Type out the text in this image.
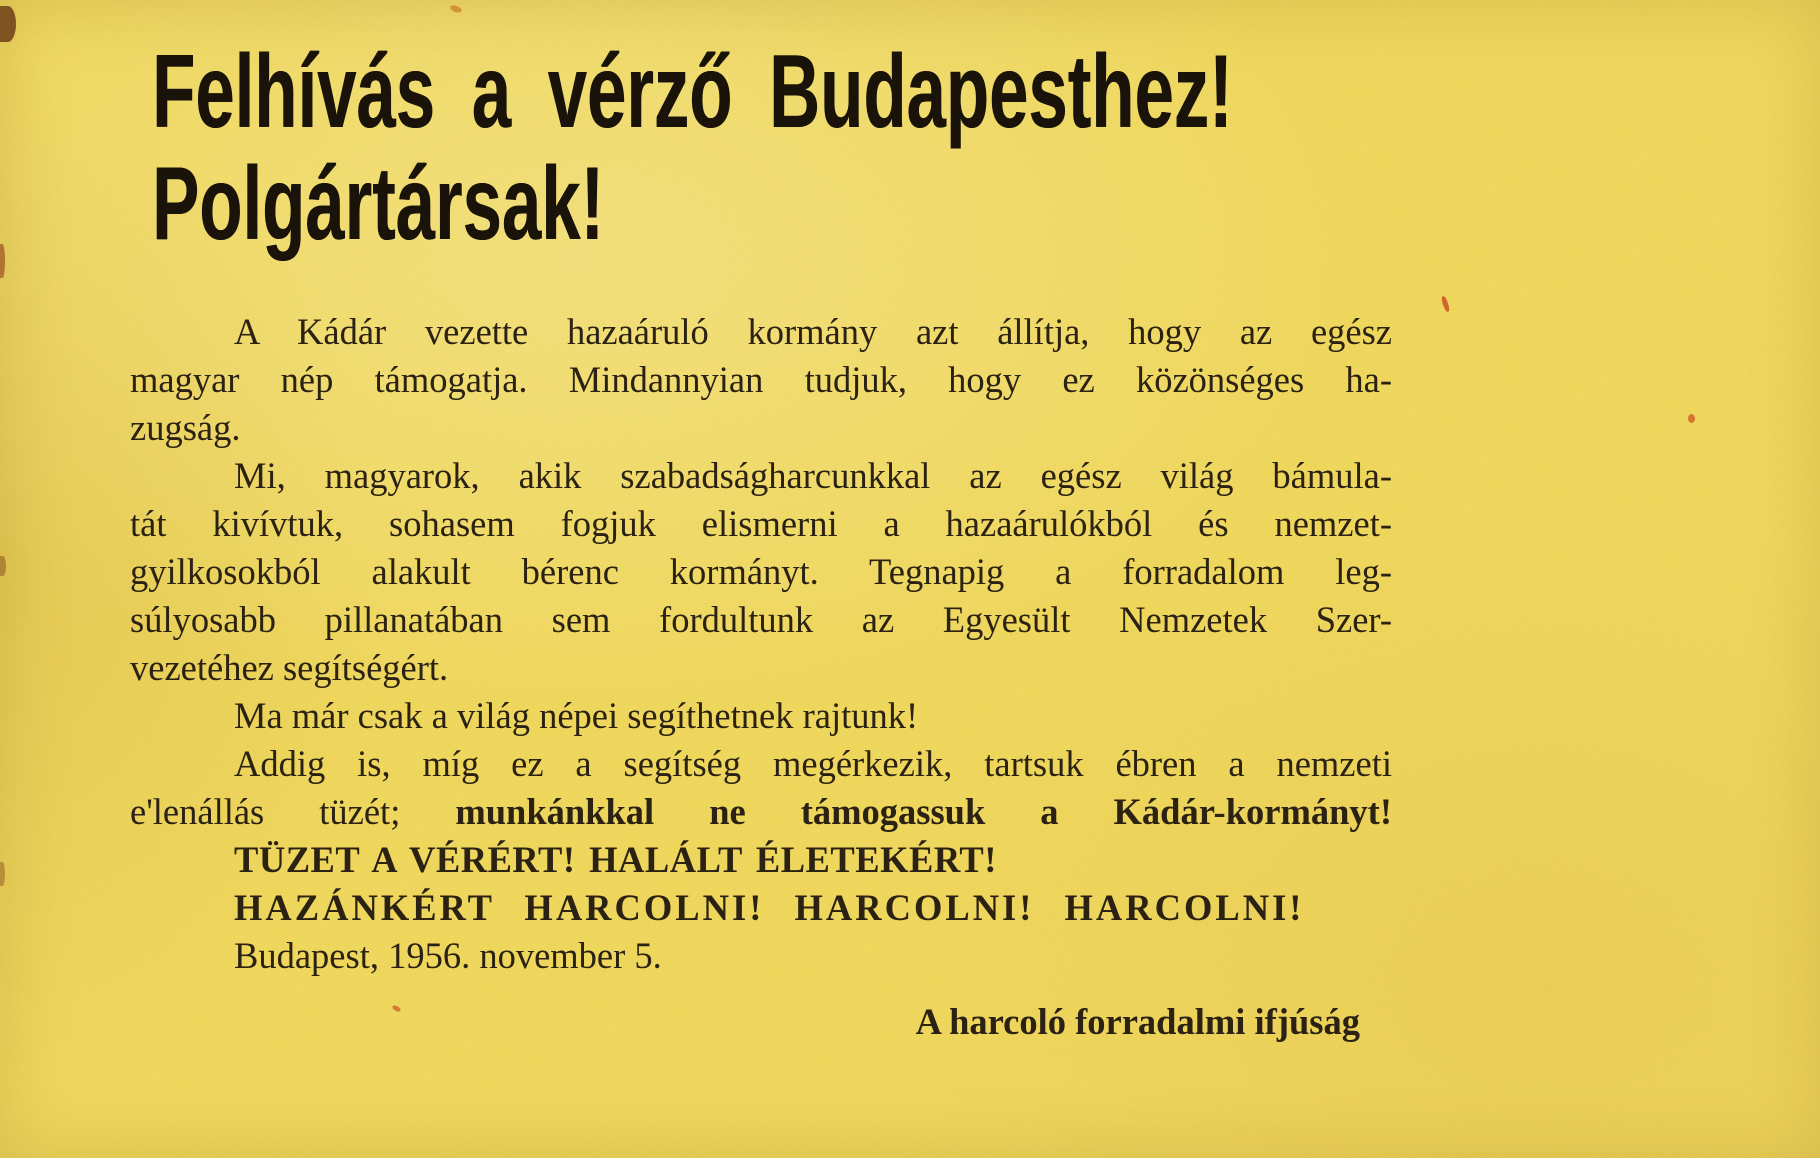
Felhívás a vérző Budapesthez!
Polgártársak!
A Kádár vezette hazaáruló kormány azt állítja, hogy az egész
magyar nép támogatja. Mindannyian tudjuk, hogy ez közönséges ha-
zugság.
Mi, magyarok, akik szabadságharcunkkal az egész világ bámula-
tát kivívtuk, sohasem fogjuk elismerni a hazaárulókból és nemzet-
gyilkosokból alakult bérenc kormányt. Tegnapig a forradalom leg-
súlyosabb pillanatában sem fordultunk az Egyesült Nemzetek Szer-
vezetéhez segítségért.
Ma már csak a világ népei segíthetnek rajtunk!
Addig is, míg ez a segítség megérkezik, tartsuk ébren a nemzeti
e'lenállás tüzét; munkánkkal ne támogassuk a Kádár-kormányt!
TÜZET A VÉRÉRT! HALÁLT ÉLETEKÉRT!
HAZÁNKÉRT HARCOLNI! HARCOLNI! HARCOLNI!
Budapest, 1956. november 5.
A harcoló forradalmi ifjúság
